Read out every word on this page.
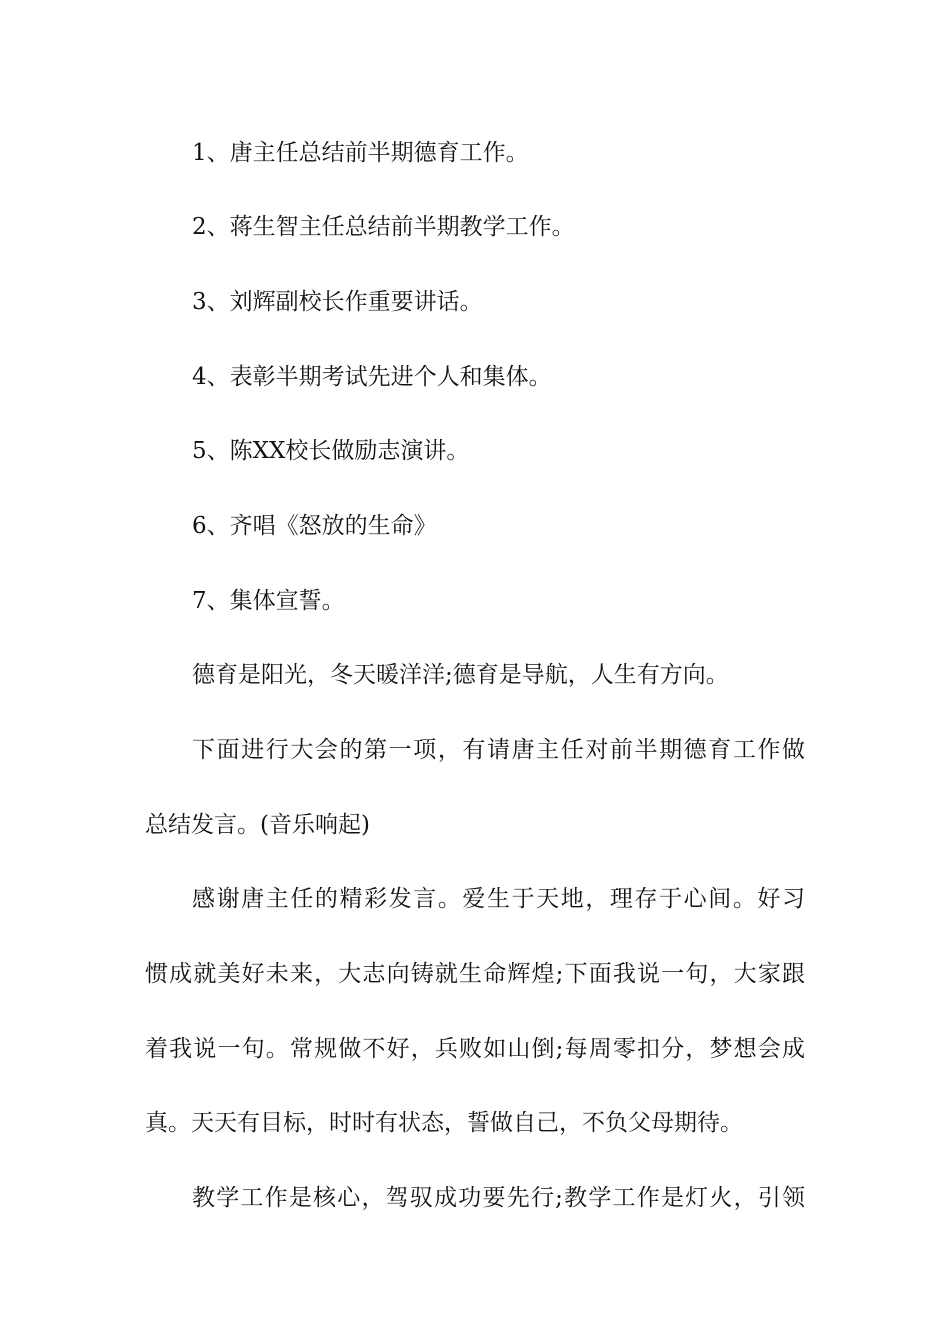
1、唐主任总结前半期德育工作。
2、蒋生智主任总结前半期教学工作。
3、刘辉副校长作重要讲话。
4、表彰半期考试先进个人和集体。
5、陈XX校长做励志演讲。
6、齐唱《怒放的生命》
7、集体宣誓。
德育是阳光，冬天暖洋洋;德育是导航，人生有方向。
下面进行大会的第一项，有请唐主任对前半期德育工作做
总结发言。(音乐响起)
感谢唐主任的精彩发言。爱生于天地，理存于心间。好习
惯成就美好未来，大志向铸就生命辉煌;下面我说一句，大家跟
着我说一句。常规做不好，兵败如山倒;每周零扣分，梦想会成
真。天天有目标，时时有状态，誓做自己，不负父母期待。
教学工作是核心，驾驭成功要先行;教学工作是灯火，引领
